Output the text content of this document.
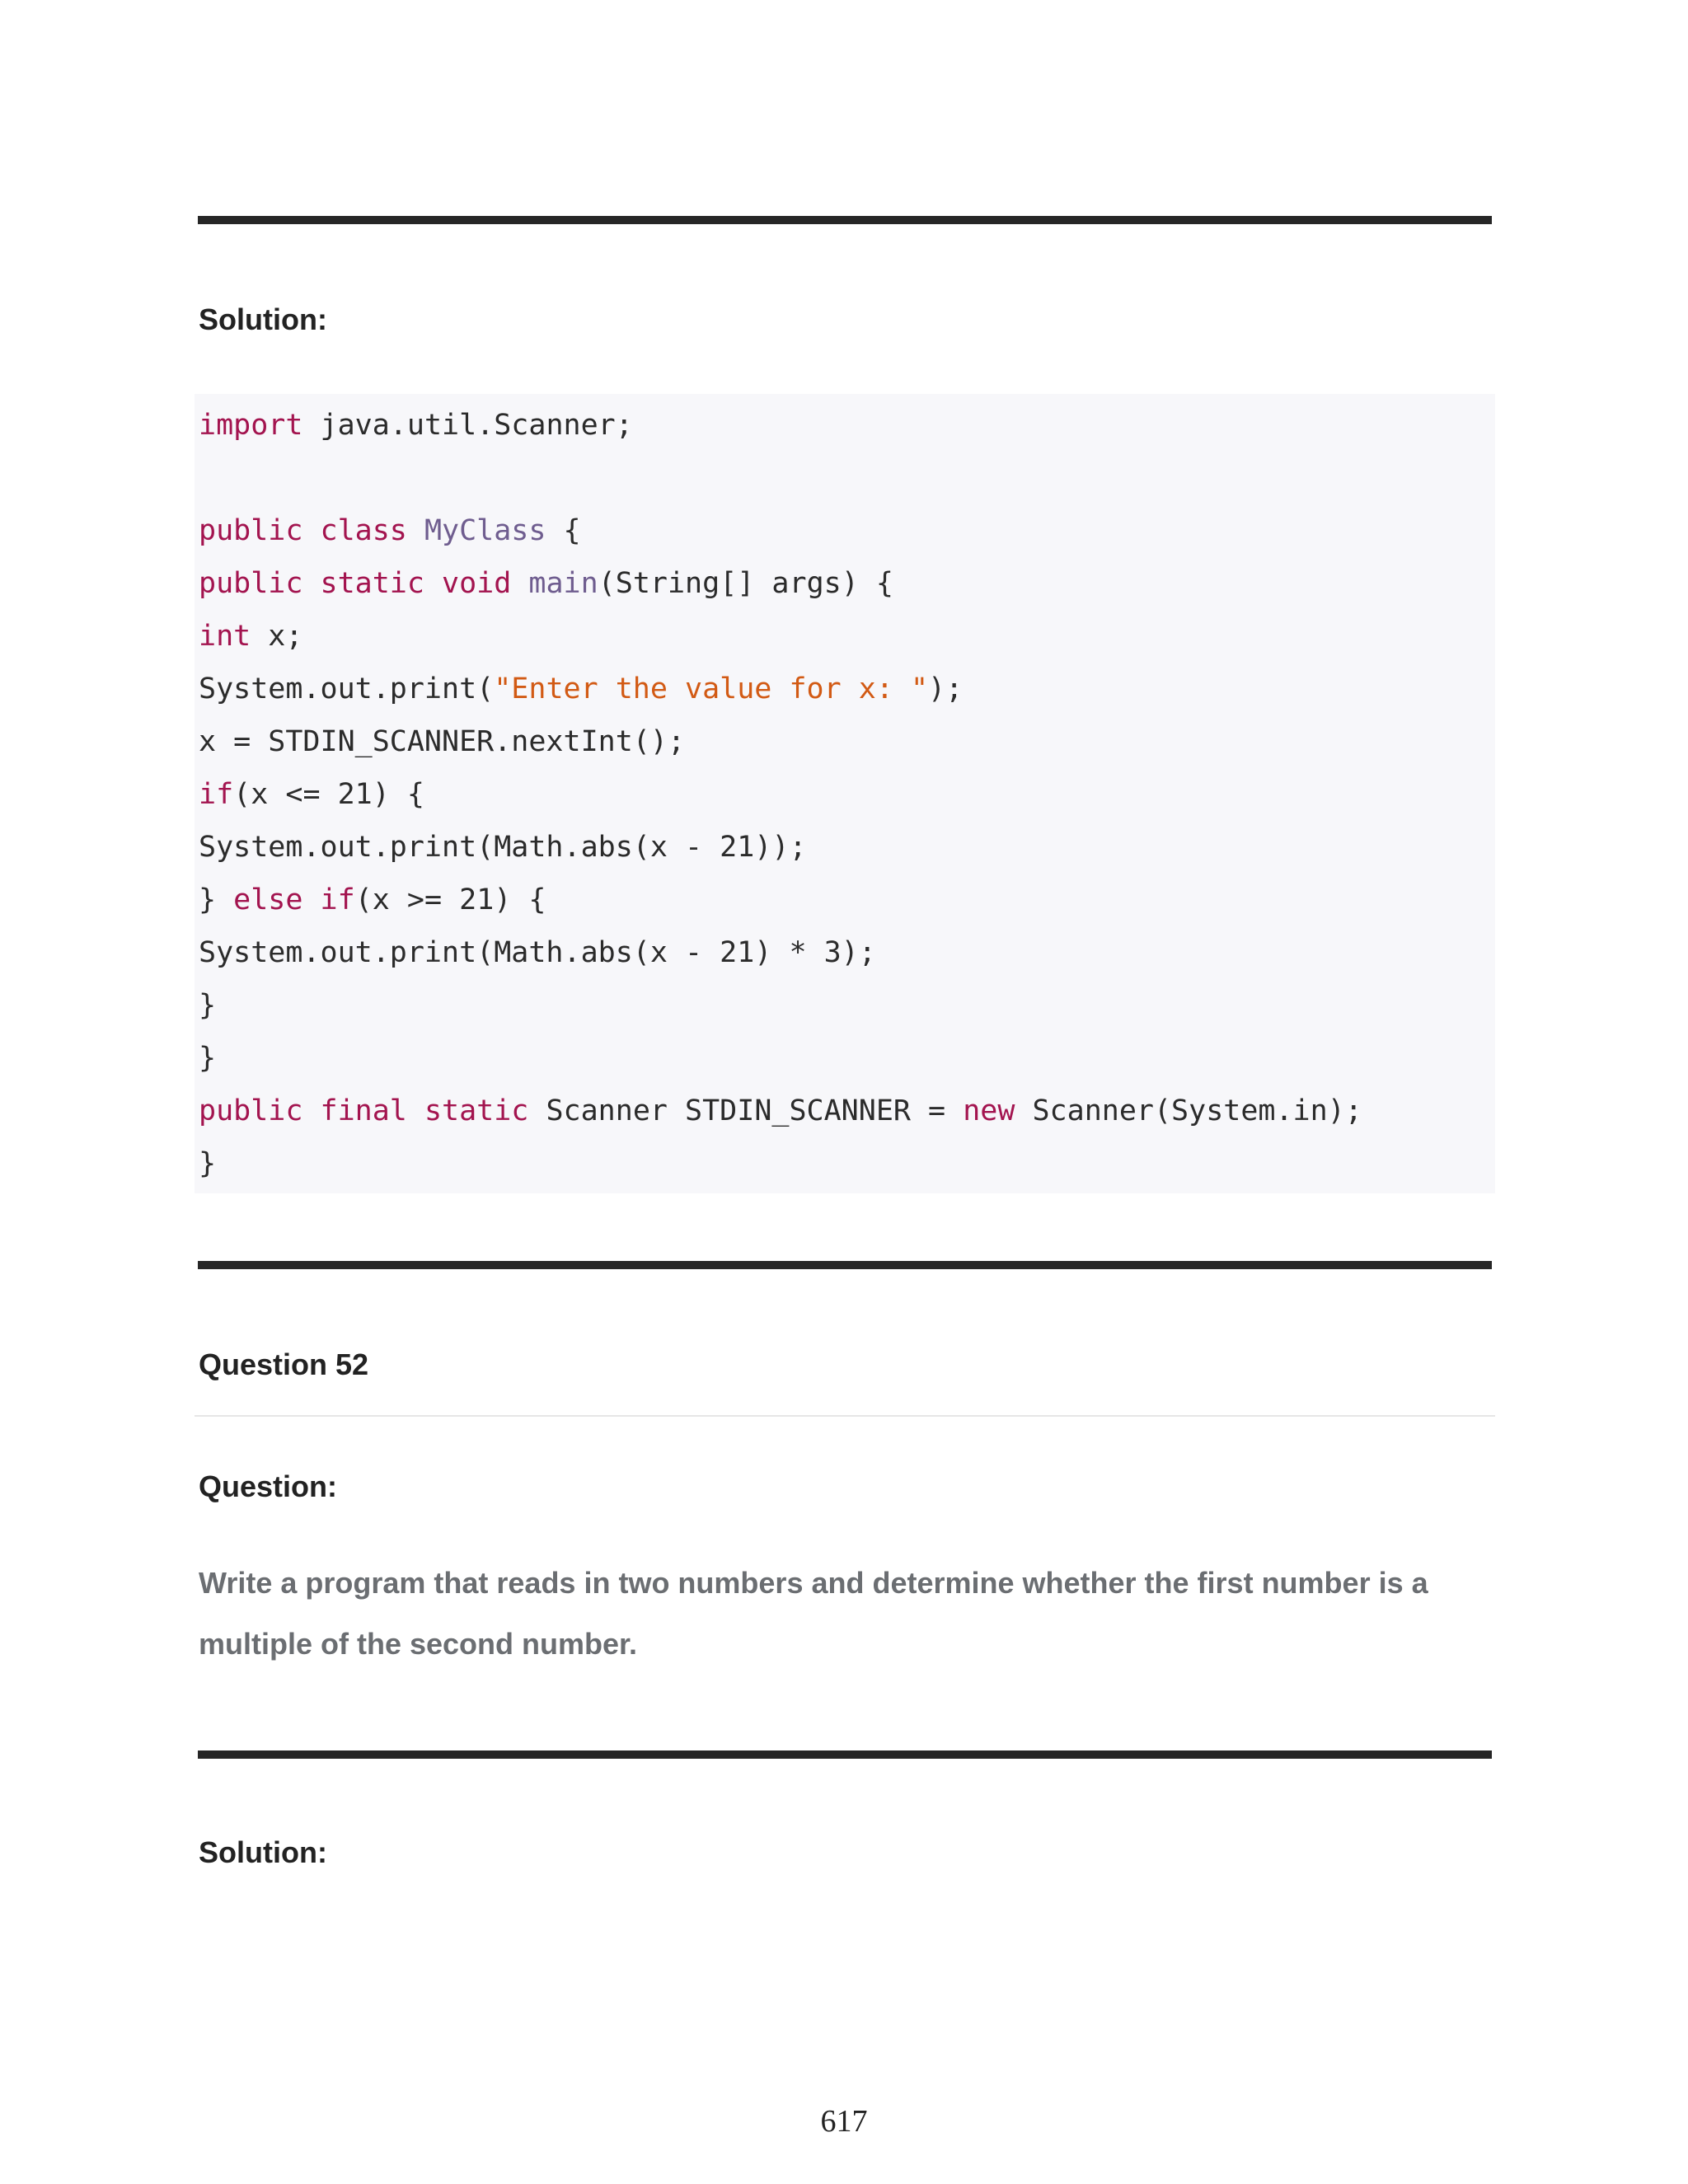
Solution:
import java.util.Scanner;
public class MyClass {
public static void main(String[] args) {
int x;
System.out.print("Enter the value for x: ");
x = STDIN_SCANNER.nextInt();
if(x <= 21) {
System.out.print(Math.abs(x - 21));
} else if(x >= 21) {
System.out.print(Math.abs(x - 21) * 3);
}
}
public final static Scanner STDIN_SCANNER = new Scanner(System.in);
}
Question 52
Question:
Write a program that reads in two numbers and determine whether the first number is a multiple of the second number.
Solution:
617
